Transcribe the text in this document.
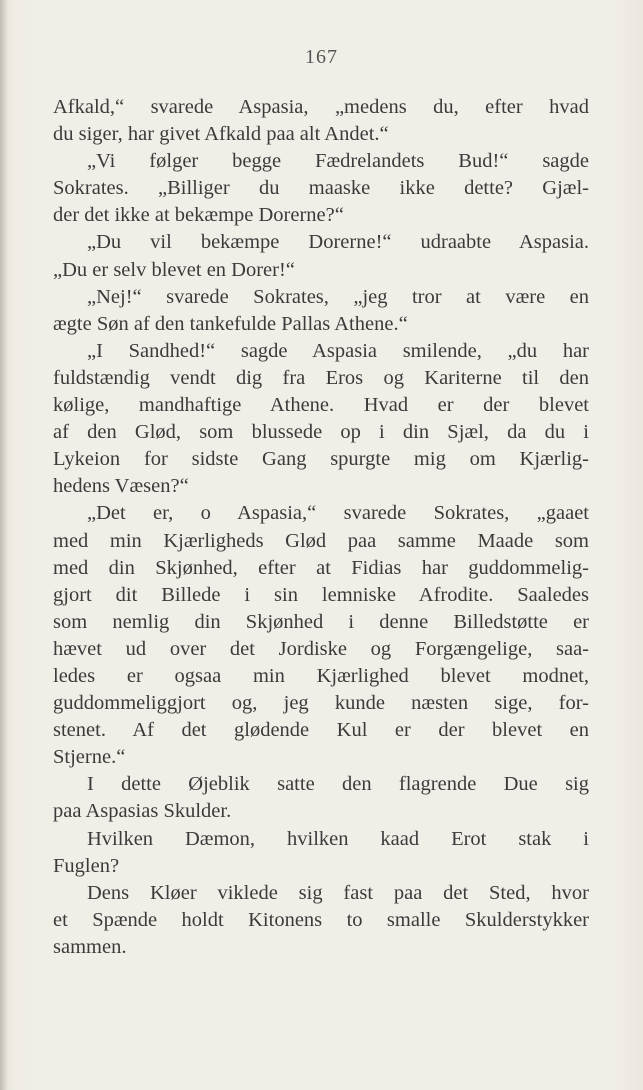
167
Afkald,“ svarede Aspasia, „medens du, efter hvad
du siger, har givet Afkald paa alt Andet.“
„Vi følger begge Fædrelandets Bud!“ sagde
Sokrates. „Billiger du maaske ikke dette? Gjæl-
der det ikke at bekæmpe Dorerne?“
„Du vil bekæmpe Dorerne!“ udraabte Aspasia.
„Du er selv blevet en Dorer!“
„Nej!“ svarede Sokrates, „jeg tror at være en
ægte Søn af den tankefulde Pallas Athene.“
„I Sandhed!“ sagde Aspasia smilende, „du har
fuldstændig vendt dig fra Eros og Kariterne til den
kølige, mandhaftige Athene. Hvad er der blevet
af den Glød, som blussede op i din Sjæl, da du i
Lykeion for sidste Gang spurgte mig om Kjærlig-
hedens Væsen?“
„Det er, o Aspasia,“ svarede Sokrates, „gaaet
med min Kjærligheds Glød paa samme Maade som
med din Skjønhed, efter at Fidias har guddommelig-
gjort dit Billede i sin lemniske Afrodite. Saaledes
som nemlig din Skjønhed i denne Billedstøtte er
hævet ud over det Jordiske og Forgængelige, saa-
ledes er ogsaa min Kjærlighed blevet modnet,
guddommeliggjort og, jeg kunde næsten sige, for-
stenet. Af det glødende Kul er der blevet en
Stjerne.“
I dette Øjeblik satte den flagrende Due sig
paa Aspasias Skulder.
Hvilken Dæmon, hvilken kaad Erot stak i
Fuglen?
Dens Kløer viklede sig fast paa det Sted, hvor
et Spænde holdt Kitonens to smalle Skulderstykker
sammen.
